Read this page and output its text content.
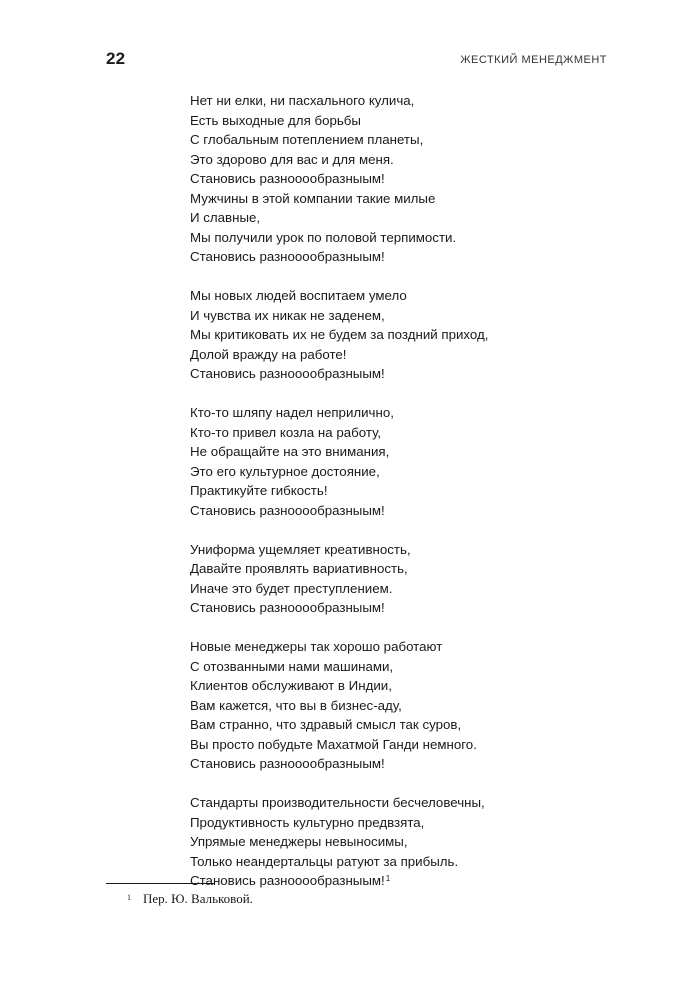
22	ЖЕСТКИЙ МЕНЕДЖМЕНТ
Нет ни елки, ни пасхального кулича,
Есть выходные для борьбы
С глобальным потеплением планеты,
Это здорово для вас и для меня.
Становись разнооообразныым!
Мужчины в этой компании такие милые
И славные,
Мы получили урок по половой терпимости.
Становись разнооообразныым!
Мы новых людей воспитаем умело
И чувства их никак не заденем,
Мы критиковать их не будем за поздний приход,
Долой вражду на работе!
Становись разнооообразныым!
Кто-то шляпу надел неприлично,
Кто-то привел козла на работу,
Не обращайте на это внимания,
Это его культурное достояние,
Практикуйте гибкость!
Становись разнооообразныым!
Униформа ущемляет креативность,
Давайте проявлять вариативность,
Иначе это будет преступлением.
Становись разнооообразныым!
Новые менеджеры так хорошо работают
С отозванными нами машинами,
Клиентов обслуживают в Индии,
Вам кажется, что вы в бизнес-аду,
Вам странно, что здравый смысл так суров,
Вы просто побудьте Махатмой Ганди немного.
Становись разнооообразныым!
Стандарты производительности бесчеловечны,
Продуктивность культурно предвзята,
Упрямые менеджеры невыносимы,
Только неандертальцы ратуют за прибыль.
Становись разнооообразныым!$^1$
$^1$ Пер. Ю. Вальковой.
